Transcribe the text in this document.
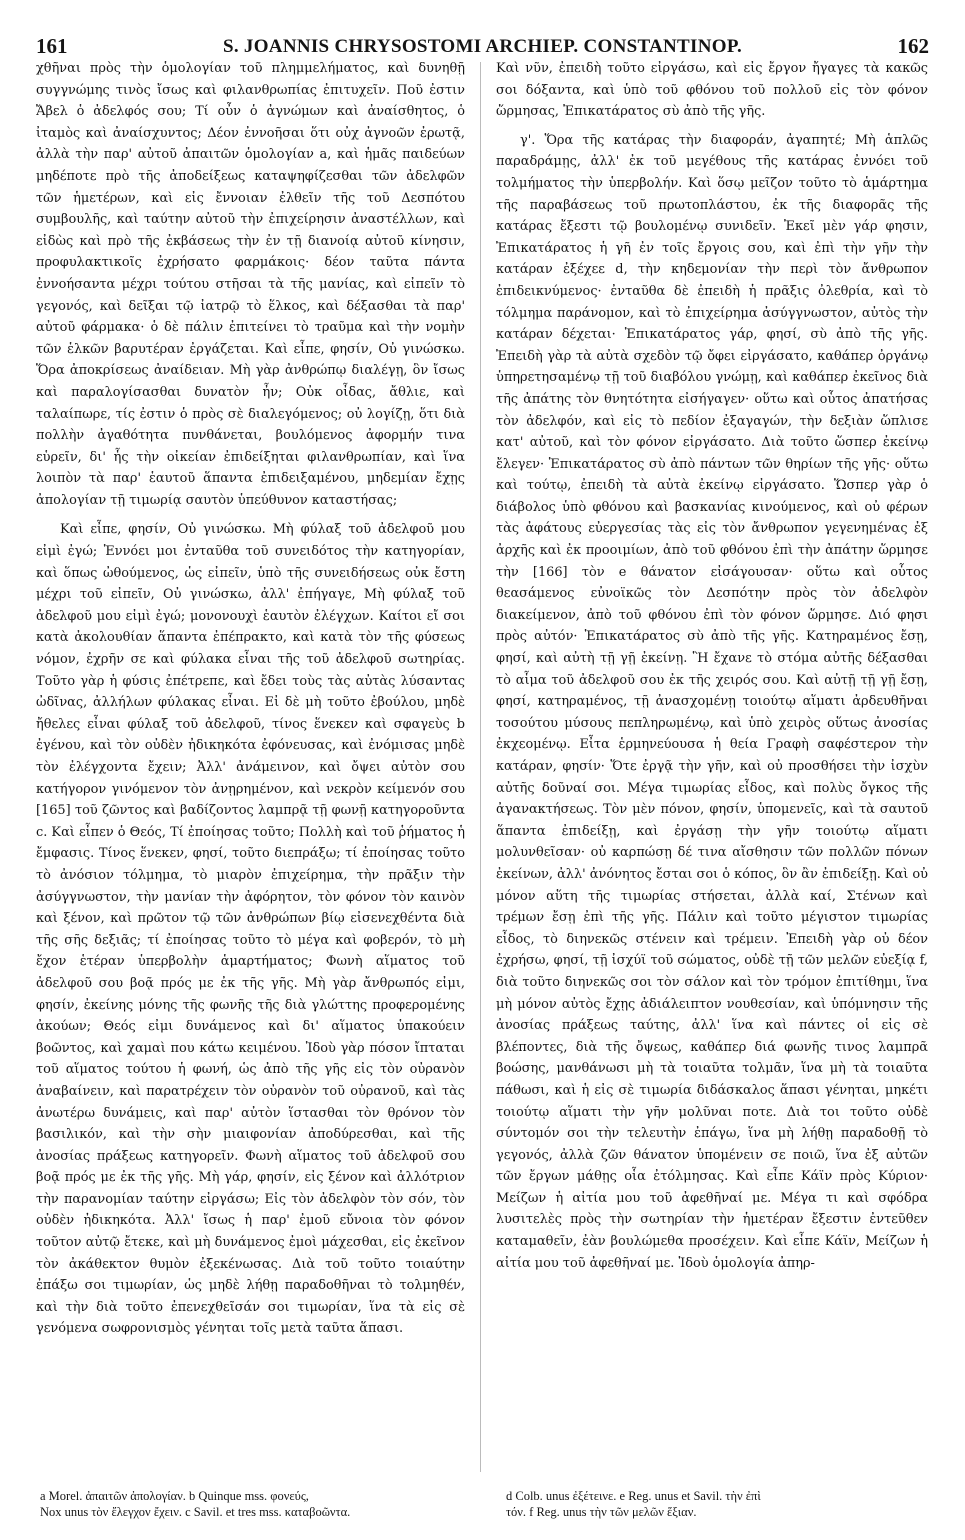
161	S. JOANNIS CHRYSOSTOMI ARCHIEP. CONSTANTINOP.	162

χθῆναι πρὸς τὴν ὁμολογίαν τοῦ πλημμελήματος, καὶ δυνηθῇ συγγνώμης τινὸς ἴσως καὶ φιλανθρωπίας ἐπιτυχεῖν. Ποῦ ἐστιν Ἄβελ ὁ ἀδελφός σου; Τί οὖν ὁ ἀγνώμων καὶ ἀναίσθητος, ὁ ἰταμὸς καὶ ἀναίσχυντος; Δέον ἐννοῆσαι ὅτι οὐχ ἀγνοῶν ἐρωτᾷ, ἀλλὰ τὴν παρ' αὐτοῦ ἀπαιτῶν ὁμολογίαν a, καὶ ἡμᾶς παιδεύων μηδέποτε πρὸ τῆς ἀποδείξεως καταψηφίζεσθαι τῶν ἀδελφῶν τῶν ἡμετέρων, καὶ εἰς ἔννοιαν ἐλθεῖν τῆς τοῦ Δεσπότου συμβουλῆς, καὶ ταύτην αὐτοῦ τὴν ἐπιχείρησιν ἀναστέλλων, καὶ εἰδὼς καὶ πρὸ τῆς ἐκβάσεως τὴν ἐν τῇ διανοίᾳ αὐτοῦ κίνησιν, προφυλακτικοῖς ἐχρήσατο φαρμάκοις· δέον ταῦτα πάντα ἐννοήσαντα μέχρι τούτου στῆσαι τὰ τῆς μανίας, καὶ εἰπεῖν τὸ γεγονός, καὶ δεῖξαι τῷ ἰατρῷ τὸ ἕλκος, καὶ δέξασθαι τὰ παρ' αὐτοῦ φάρμακα· ὁ δὲ πάλιν ἐπιτείνει τὸ τραῦμα καὶ τὴν νομὴν τῶν ἑλκῶν βαρυτέραν ἐργάζεται. Καὶ εἶπε, φησίν, Οὐ γινώσκω. Ὅρα ἀποκρίσεως ἀναίδειαν. Μὴ γὰρ ἀνθρώπῳ διαλέγῃ, ὃν ἴσως καὶ παραλογίσασθαι δυνατὸν ἦν; Οὐκ οἶδας, ἄθλιε, καὶ ταλαίπωρε, τίς ἐστιν ὁ πρὸς σὲ διαλεγόμενος; οὐ λογίζῃ, ὅτι διὰ πολλὴν ἀγαθότητα πυνθάνεται, βουλόμενος ἀφορμήν τινα εὑρεῖν, δι' ἧς τὴν οἰκείαν ἐπιδείξηται φιλανθρωπίαν, καὶ ἵνα λοιπὸν τὰ παρ' ἑαυτοῦ ἅπαντα ἐπιδειξαμένου, μηδεμίαν ἔχῃς ἀπολογίαν τῇ τιμωρίᾳ σαυτὸν ὑπεύθυνον καταστήσας;

Καὶ εἶπε, φησίν, Οὐ γινώσκω. Μὴ φύλαξ τοῦ ἀδελφοῦ μου εἰμὶ ἐγώ; Ἐννόει μοι ἐνταῦθα τοῦ συνειδότος τὴν κατηγορίαν, καὶ ὅπως ὠθούμενος, ὡς εἰπεῖν, ὑπὸ τῆς συνειδήσεως οὐκ ἔστη μέχρι τοῦ εἰπεῖν, Οὐ γινώσκω, ἀλλ' ἐπήγαγε, Μὴ φύλαξ τοῦ ἀδελφοῦ μου εἰμὶ ἐγώ; μονονουχὶ ἑαυτὸν ἐλέγχων. Καίτοι εἴ σοι κατὰ ἀκολουθίαν ἅπαντα ἐπέπρακτο, καὶ κατὰ τὸν τῆς φύσεως νόμον, ἐχρῆν σε καὶ φύλακα εἶναι τῆς τοῦ ἀδελφοῦ σωτηρίας. Τοῦτο γὰρ ἡ φύσις ἐπέτρεπε, καὶ ἔδει τοὺς τὰς αὐτὰς λύσαντας ὠδῖνας, ἀλλήλων φύλακας εἶναι. Εἰ δὲ μὴ τοῦτο ἐβούλου, μηδὲ ἤθελες εἶναι φύλαξ τοῦ ἀδελφοῦ, τίνος ἕνεκεν καὶ σφαγεὺς b ἐγένου, καὶ τὸν οὐδὲν ἠδικηκότα ἐφόνευσας, καὶ ἐνόμισας μηδὲ τὸν ἐλέγχοντα ἔχειν; Ἀλλ' ἀνάμεινον, καὶ ὄψει αὐτὸν σου κατήγορον γινόμενον τὸν ἀνῃρημένον, καὶ νεκρὸν κείμενόν σου [165] τοῦ ζῶντος καὶ βαδίζοντος λαμπρᾷ τῇ φωνῇ κατηγοροῦντα c. Καὶ εἶπεν ὁ Θεός, Τί ἐποίησας τοῦτο; Πολλὴ καὶ τοῦ ῥήματος ἡ ἔμφασις. Τίνος ἕνεκεν, φησί, τοῦτο διεπράξω; τί ἐποίησας τοῦτο τὸ ἀνόσιον τόλμημα, τὸ μιαρὸν ἐπιχείρημα, τὴν πρᾶξιν τὴν ἀσύγγνωστον, τὴν μανίαν τὴν ἀφόρητον, τὸν φόνον τὸν καινὸν καὶ ξένον, καὶ πρῶτον τῷ τῶν ἀνθρώπων βίῳ εἰσενεχθέντα διὰ τῆς σῆς δεξιᾶς; τί ἐποίησας τοῦτο τὸ μέγα καὶ φοβερόν, τὸ μὴ ἔχον ἑτέραν ὑπερβολὴν ἁμαρτήματος; Φωνὴ αἵματος τοῦ ἀδελφοῦ σου βοᾷ πρός με ἐκ τῆς γῆς. Μὴ γὰρ ἄνθρωπός εἰμι, φησίν, ἐκείνης μόνης τῆς φωνῆς τῆς διὰ γλώττης προφερομένης ἀκούων; Θεός εἰμι δυνάμενος καὶ δι' αἵματος ὑπακούειν βοῶντος, καὶ χαμαὶ που κάτω κειμένου. Ἰδοὺ γὰρ πόσον ἴπταται τοῦ αἵματος τούτου ἡ φωνή, ὡς ἀπὸ τῆς γῆς εἰς τὸν οὐρανὸν ἀναβαίνειν, καὶ παρατρέχειν τὸν οὐρανὸν τοῦ οὐρανοῦ, καὶ τὰς ἀνωτέρω δυνάμεις, καὶ παρ' αὐτὸν ἵστασθαι τὸν θρόνον τὸν βασιλικόν, καὶ τὴν σὴν μιαιφονίαν ἀποδύρεσθαι, καὶ τῆς ἀνοσίας πράξεως κατηγορεῖν. Φωνὴ αἵματος τοῦ ἀδελφοῦ σου βοᾷ πρός με ἐκ τῆς γῆς. Μὴ γάρ, φησίν, εἰς ξένον καὶ ἀλλότριον τὴν παρανομίαν ταύτην εἰργάσω; Εἰς τὸν ἀδελφὸν τὸν σόν, τὸν οὐδὲν ἠδικηκότα. Ἀλλ' ἴσως ἡ παρ' ἐμοῦ εὔνοια τὸν φόνον τοῦτον αὐτῷ ἔτεκε, καὶ μὴ δυνάμενος ἐμοὶ μάχεσθαι, εἰς ἐκεῖνον τὸν ἀκάθεκτον θυμὸν ἐξεκένωσας. Διὰ τοῦ τοῦτο τοιαύτην ἐπάξω σοι τιμωρίαν, ὡς μηδὲ λήθῃ παραδοθῆναι τὸ τολμηθέν, καὶ τὴν διὰ τοῦτο ἐπενεχθεῖσάν σοι τιμωρίαν, ἵνα τὰ εἰς σὲ γενόμενα σωφρονισμὸς γένηται τοῖς μετὰ ταῦτα ἅπασι.

Καὶ νῦν, ἐπειδὴ τοῦτο εἰργάσω, καὶ εἰς ἔργον ἤγαγες τὰ κακῶς σοι δόξαντα, καὶ ὑπὸ τοῦ φθόνου τοῦ πολλοῦ εἰς τὸν φόνον ὥρμησας, Ἐπικατάρατος σὺ ἀπὸ τῆς γῆς.

γ'. Ὅρα τῆς κατάρας τὴν διαφοράν, ἀγαπητέ; Μὴ ἁπλῶς παραδράμῃς, ἀλλ' ἐκ τοῦ μεγέθους τῆς κατάρας ἐννόει τοῦ τολμήματος τὴν ὑπερβολήν. Καὶ ὅσῳ μεῖζον τοῦτο τὸ ἁμάρτημα τῆς παραβάσεως τοῦ πρωτοπλάστου, ἐκ τῆς διαφορᾶς τῆς κατάρας ἔξεστι τῷ βουλομένῳ συνιδεῖν. Ἐκεῖ μὲν γάρ φησιν, Ἐπικατάρατος ἡ γῆ ἐν τοῖς ἔργοις σου, καὶ ἐπὶ τὴν γῆν τὴν κατάραν ἐξέχεε d, τὴν κηδεμονίαν τὴν περὶ τὸν ἄνθρωπον ἐπιδεικνύμενος· ἐνταῦθα δὲ ἐπειδὴ ἡ πρᾶξις ὀλεθρία, καὶ τὸ τόλμημα παράνομον, καὶ τὸ ἐπιχείρημα ἀσύγγνωστον, αὐτὸς τὴν κατάραν δέχεται· Ἐπικατάρατος γάρ, φησί, σὺ ἀπὸ τῆς γῆς. Ἐπειδὴ γὰρ τὰ αὐτὰ σχεδὸν τῷ ὄφει εἰργάσατο, καθάπερ ὀργάνῳ ὑπηρετησαμένῳ τῇ τοῦ διαβόλου γνώμῃ, καὶ καθάπερ ἐκεῖνος διὰ τῆς ἀπάτης τὸν θνητότητα εἰσήγαγεν· οὕτω καὶ οὗτος ἀπατήσας τὸν ἀδελφόν, καὶ εἰς τὸ πεδίον ἐξαγαγών, τὴν δεξιὰν ὥπλισε κατ' αὐτοῦ, καὶ τὸν φόνον εἰργάσατο. Διὰ τοῦτο ὥσπερ ἐκείνῳ ἔλεγεν· Ἐπικατάρατος σὺ ἀπὸ πάντων τῶν θηρίων τῆς γῆς· οὕτω καὶ τούτῳ, ἐπειδὴ τὰ αὐτὰ ἐκείνῳ εἰργάσατο. Ὥσπερ γὰρ ὁ διάβολος ὑπὸ φθόνου καὶ βασκανίας κινούμενος, καὶ οὐ φέρων τὰς ἀφάτους εὐεργεσίας τὰς εἰς τὸν ἄνθρωπον γεγενημένας ἐξ ἀρχῆς καὶ ἐκ προοιμίων, ἀπὸ τοῦ φθόνου ἐπὶ τὴν ἀπάτην ὥρμησε τὴν [166] τὸν e θάνατον εἰσάγουσαν· οὕτω καὶ οὗτος θεασάμενος εὐνοϊκῶς τὸν Δεσπότην πρὸς τὸν ἀδελφὸν διακείμενον, ἀπὸ τοῦ φθόνου ἐπὶ τὸν φόνον ὥρμησε. Διό φησι πρὸς αὐτόν· Ἐπικατάρατος σὺ ἀπὸ τῆς γῆς. Κατηραμένος ἔσῃ, φησί, καὶ αὐτὴ τῇ γῇ ἐκείνῃ. Ἣ ἔχανε τὸ στόμα αὐτῆς δέξασθαι τὸ αἷμα τοῦ ἀδελφοῦ σου ἐκ τῆς χειρός σου. Καὶ αὐτῇ τῇ γῇ ἔσῃ, φησί, κατηραμένος, τῇ ἀνασχομένῃ τοιούτῳ αἵματι ἀρδευθῆναι τοσούτου μύσους πεπληρωμένῳ, καὶ ὑπὸ χειρὸς οὕτως ἀνοσίας ἐκχεομένῳ. Εἶτα ἑρμηνεύουσα ἡ θεία Γραφὴ σαφέστερον τὴν κατάραν, φησίν· Ὅτε ἐργᾷ τὴν γῆν, καὶ οὐ προσθήσει τὴν ἰσχὺν αὐτῆς δοῦναί σοι. Μέγα τιμωρίας εἶδος, καὶ πολὺς ὄγκος τῆς ἀγανακτήσεως. Τὸν μὲν πόνον, φησίν, ὑπομενεῖς, καὶ τὰ σαυτοῦ ἅπαντα ἐπιδείξῃ, καὶ ἐργάσῃ τὴν γῆν τοιούτῳ αἵματι μολυνθεῖσαν· οὐ καρπώσῃ δέ τινα αἴσθησιν τῶν πολλῶν πόνων ἐκείνων, ἀλλ' ἀνόνητος ἔσται σοι ὁ κόπος, ὃν ἂν ἐπιδείξῃ. Καὶ οὐ μόνον αὕτη τῆς τιμωρίας στήσεται, ἀλλὰ καί, Στένων καὶ τρέμων ἔσῃ ἐπὶ τῆς γῆς. Πάλιν καὶ τοῦτο μέγιστον τιμωρίας εἶδος, τὸ διηνεκῶς στένειν καὶ τρέμειν. Ἐπειδὴ γὰρ οὐ δέον ἐχρήσω, φησί, τῇ ἰσχύϊ τοῦ σώματος, οὐδὲ τῇ τῶν μελῶν εὐεξίᾳ f, διὰ τοῦτο διηνεκῶς σοι τὸν σάλον καὶ τὸν τρόμον ἐπιτίθημι, ἵνα μὴ μόνον αὐτὸς ἔχῃς ἀδιάλειπτον νουθεσίαν, καὶ ὑπόμνησιν τῆς ἀνοσίας πράξεως ταύτης, ἀλλ' ἵνα καὶ πάντες οἱ εἰς σὲ βλέποντες, διὰ τῆς ὄψεως, καθάπερ διά φωνῆς τινος λαμπρᾶ βοώσης, μανθάνωσι μὴ τὰ τοιαῦτα τολμᾶν, ἵνα μὴ τὰ τοιαῦτα πάθωσι, καὶ ἡ εἰς σὲ τιμωρία διδάσκαλος ἅπασι γένηται, μηκέτι τοιούτῳ αἵματι τὴν γῆν μολῦναι ποτε. Διὰ τοι τοῦτο οὐδὲ σύντομόν σοι τὴν τελευτὴν ἐπάγω, ἵνα μὴ λήθῃ παραδοθῇ τὸ γεγονός, ἀλλὰ ζῶν θάνατον ὑπομένειν σε ποιῶ, ἵνα ἐξ αὐτῶν τῶν ἔργων μάθῃς οἷα ἐτόλμησας. Καὶ εἶπε Κάϊν πρὸς Κύριον· Μείζων ἡ αἰτία μου τοῦ ἀφεθῆναί με. Μέγα τι καὶ σφόδρα λυσιτελὲς πρὸς τὴν σωτηρίαν τὴν ἡμετέραν ἔξεστιν ἐντεῦθεν καταμαθεῖν, ἐὰν βουλώμεθα προσέχειν. Καὶ εἶπε Κάϊν, Μείζων ἡ αἰτία μου τοῦ ἀφεθῆναί με. Ἰδοὺ ὁμολογία ἀπηρ-

a Morel. ἀπαιτῶν ἀπολογίαν. b Quinque mss. φονεύς,
Nox unus τὸν ἔλεγχον ἔχειν. c Savil. et tres mss. καταβοῶντα.
d Colb. unus ἐξέτεινε. e Reg. unus et Savil. τὴν ἐπὶ
τόν. f Reg. unus τὴν τῶν μελῶν ἕξιαν.
